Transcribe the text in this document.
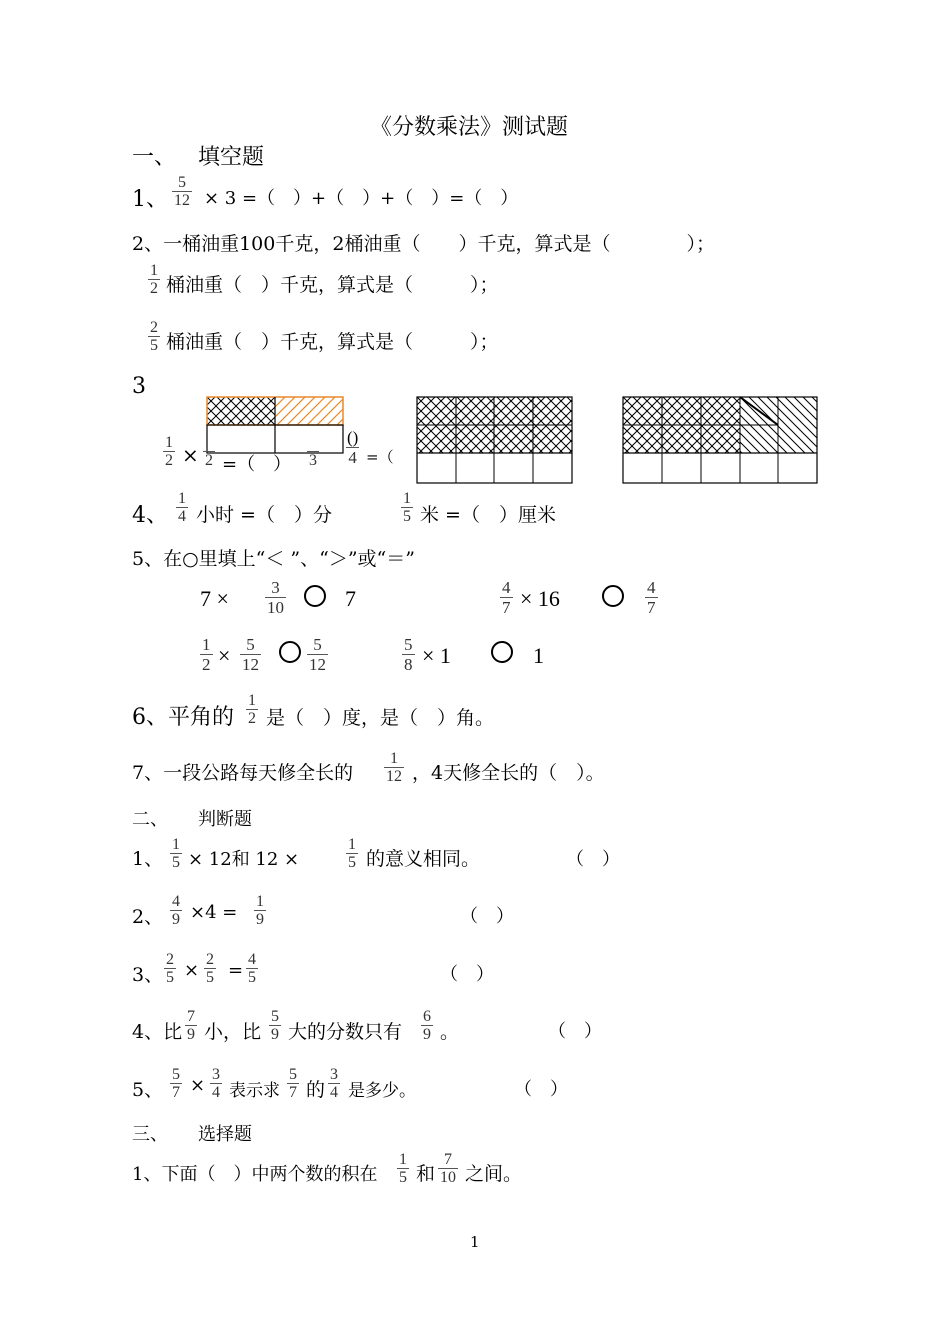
《分数乘法》测试题
一、 填空题
1、 $\frac{5}{12} \times 3$ =（　）+（　）+（　）=（　）
2、一桶油重100千克，2桶油重（　　）千克，算式是（　　　　）；
$\frac{1}{2}$ 桶油重（　）千克，算式是（　　　）；
$\frac{2}{5}$ 桶油重（　）千克，算式是（　　　）；
3
$\frac{1}{2} \times 2$ =（　） 3
()
4 =（
4、 $\frac{1}{4}$ 小时 =（　）分	$\frac{1}{5}$ 米 =（　）厘米
5、在○里填上“＜ ”、“＞”或“＝”
$7 \times \frac{3}{10}$	7	$\frac{4}{7} \times 16$	$\frac{4}{7}$
$\frac{1}{2} \times \frac{5}{12}$	$\frac{5}{12}$	$\frac{5}{8} \times 1$	1
6、平角的 $\frac{1}{2}$ 是（　）度，是（　）角。
7、一段公路每天修全长的 $\frac{1}{12}$ ，4天修全长的（　）。
二、 判断题
1、 $\frac{1}{5} \times 12$和 12 ×	$\frac{1}{5}$ 的意义相同。	（　）
2、 $\frac{4}{9} \times 4 = \frac{1}{9}$	（　）
3、 $\frac{2}{5} \times \frac{2}{5} = \frac{4}{5}$	（　）
4、比 $\frac{7}{9}$ 小，比 $\frac{5}{9}$ 大的分数只有 $\frac{6}{9}$ 。	（　）
5、 $\frac{5}{7} \times \frac{3}{4}$ 表示求 $\frac{5}{7}$ 的 $\frac{3}{4}$ 是多少。	（　）
三、 选择题
1、下面（　）中两个数的积在 $\frac{1}{5}$ 和 $\frac{7}{10}$ 之间。
1
